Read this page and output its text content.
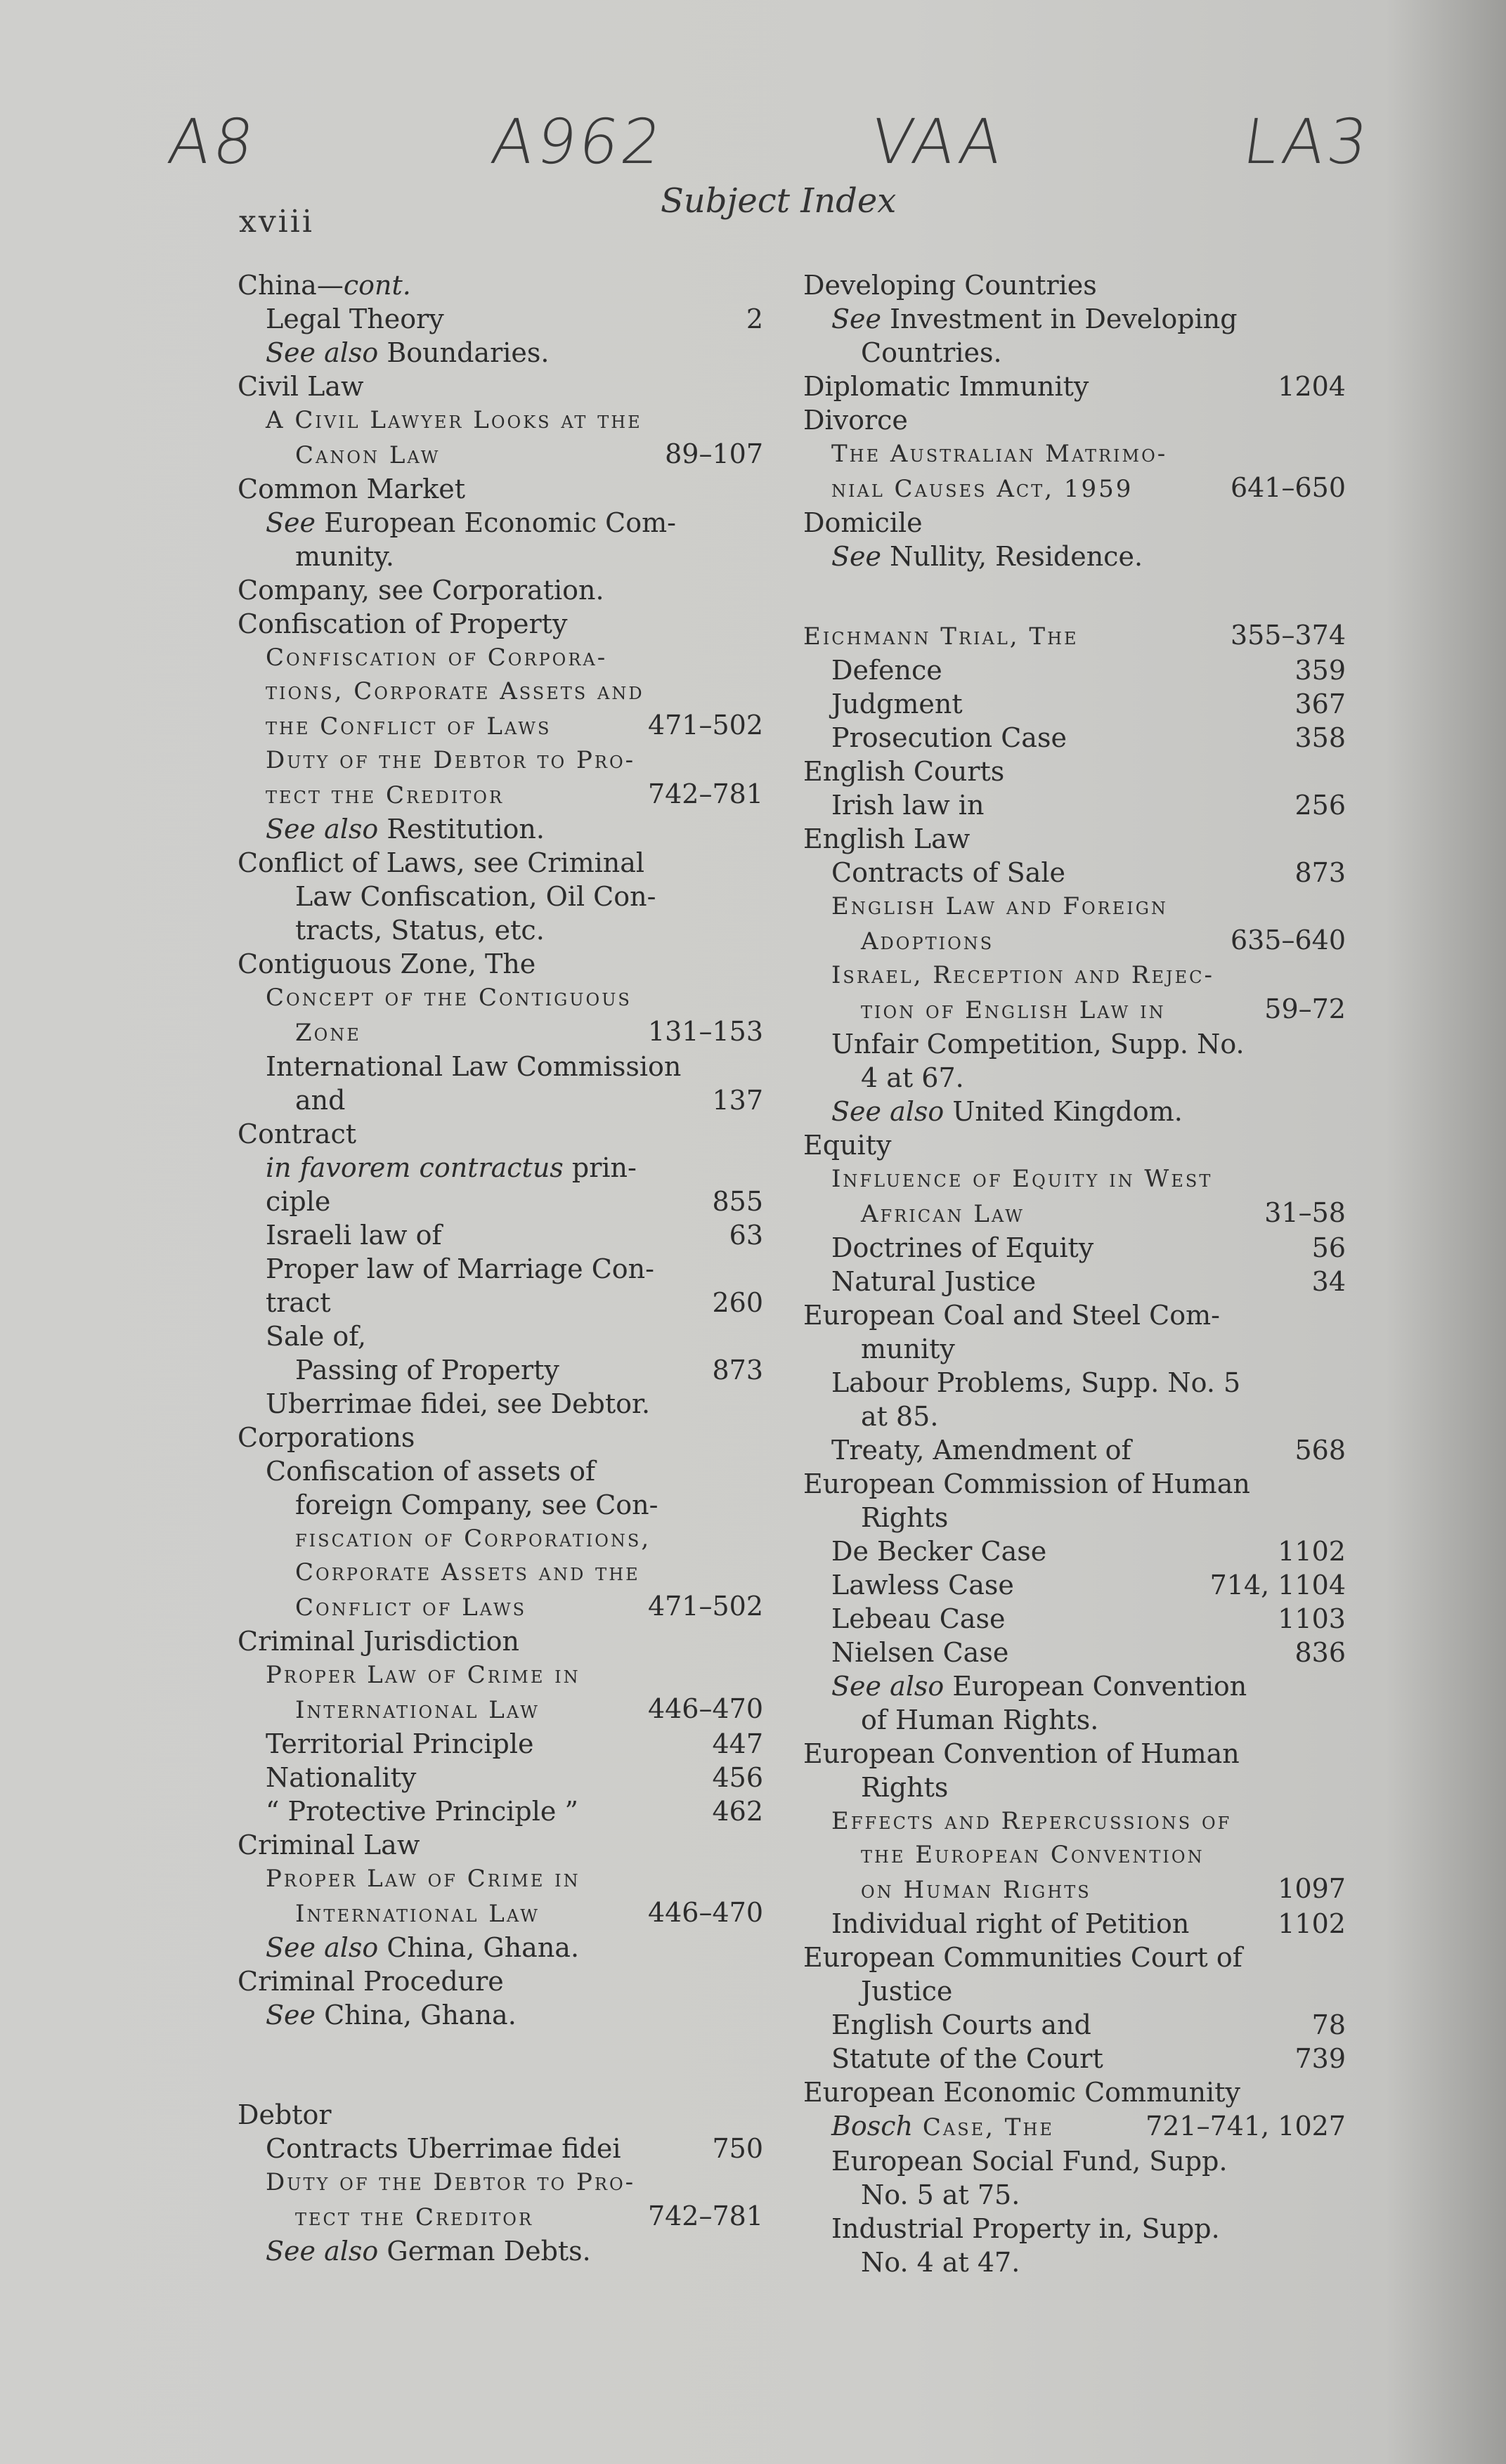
A8	A962	VAA	LA3
xviii
Subject Index
China—cont.
Legal Theory	2
See also Boundaries.
Civil Law
A Civil Lawyer Looks at the
Canon Law	89–107
Common Market
See European Economic Com-
munity.
Company, see Corporation.
Confiscation of Property
Confiscation of Corpora-
tions, Corporate Assets and
the Conflict of Laws	471–502
Duty of the Debtor to Pro-
tect the Creditor	742–781
See also Restitution.
Conflict of Laws, see Criminal
Law Confiscation, Oil Con-
tracts, Status, etc.
Contiguous Zone, The
Concept of the Contiguous
Zone	131–153
International Law Commission
and	137
Contract
in favorem contractus prin-
ciple	855
Israeli law of	63
Proper law of Marriage Con-
tract	260
Sale of,
Passing of Property	873
Uberrimae fidei, see Debtor.
Corporations
Confiscation of assets of
foreign Company, see Con-
fiscation of Corporations,
Corporate Assets and the
Conflict of Laws	471–502
Criminal Jurisdiction
Proper Law of Crime in
International Law	446–470
Territorial Principle	447
Nationality	456
“ Protective Principle ”	462
Criminal Law
Proper Law of Crime in
International Law	446–470
See also China, Ghana.
Criminal Procedure
See China, Ghana.
Debtor
Contracts Uberrimae fidei	750
Duty of the Debtor to Pro-
tect the Creditor	742–781
See also German Debts.
Developing Countries
See Investment in Developing
Countries.
Diplomatic Immunity	1204
Divorce
The Australian Matrimo-
nial Causes Act, 1959	641–650
Domicile
See Nullity, Residence.
Eichmann Trial, The	355–374
Defence	359
Judgment	367
Prosecution Case	358
English Courts
Irish law in	256
English Law
Contracts of Sale	873
English Law and Foreign
Adoptions	635–640
Israel, Reception and Rejec-
tion of English Law in	59–72
Unfair Competition, Supp. No.
4 at 67.
See also United Kingdom.
Equity
Influence of Equity in West
African Law	31–58
Doctrines of Equity	56
Natural Justice	34
European Coal and Steel Com-
munity
Labour Problems, Supp. No. 5
at 85.
Treaty, Amendment of	568
European Commission of Human
Rights
De Becker Case	1102
Lawless Case	714, 1104
Lebeau Case	1103
Nielsen Case	836
See also European Convention
of Human Rights.
European Convention of Human
Rights
Effects and Repercussions of
the European Convention
on Human Rights	1097
Individual right of Petition	1102
European Communities Court of
Justice
English Courts and	78
Statute of the Court	739
European Economic Community
Bosch Case, The	721–741, 1027
European Social Fund, Supp.
No. 5 at 75.
Industrial Property in, Supp.
No. 4 at 47.
